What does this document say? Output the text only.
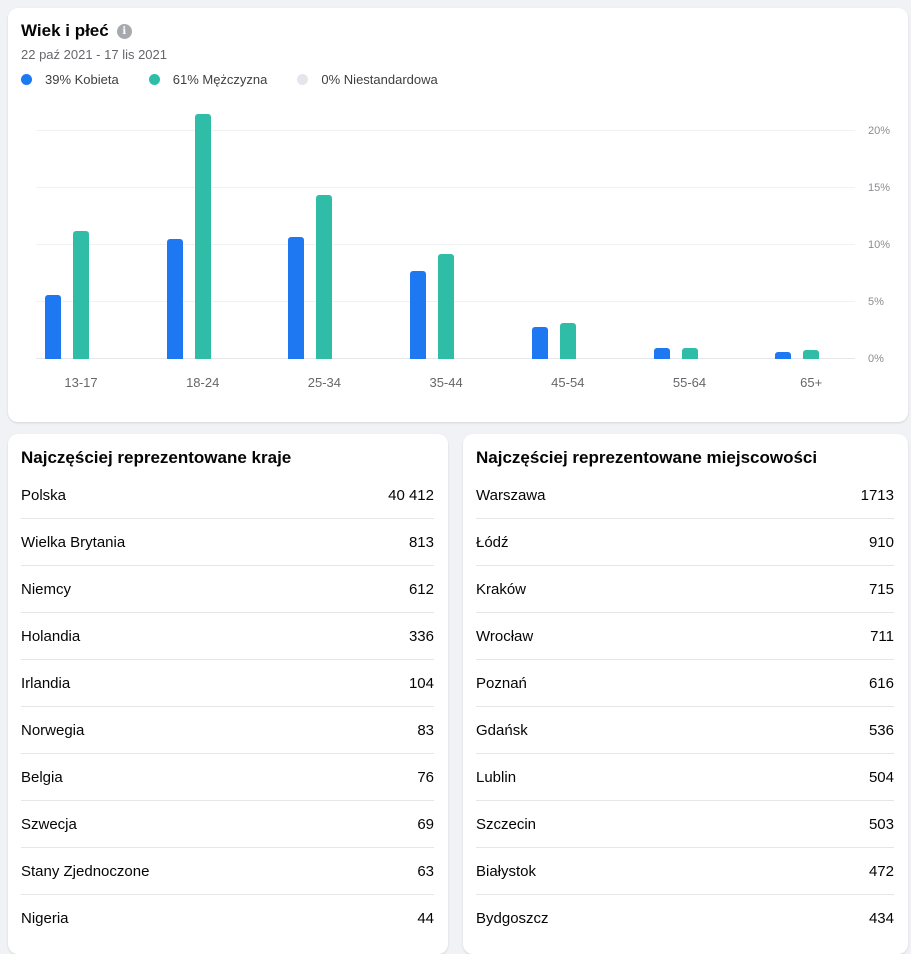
Wiek i płeć	i
22 paź 2021 - 17 lis 2021
39% Kobieta	61% Mężczyzna	0% Niestandardowa
0%
5%
10%
15%
20%
13-17	18-24	25-34	35-44	45-54	55-64	65+
Najczęściej reprezentowane kraje
Polska	40 412
Wielka Brytania	813
Niemcy	612
Holandia	336
Irlandia	104
Norwegia	83
Belgia	76
Szwecja	69
Stany Zjednoczone	63
Nigeria	44
Najczęściej reprezentowane miejscowości
Warszawa	1713
Łódź	910
Kraków	715
Wrocław	711
Poznań	616
Gdańsk	536
Lublin	504
Szczecin	503
Białystok	472
Bydgoszcz	434
